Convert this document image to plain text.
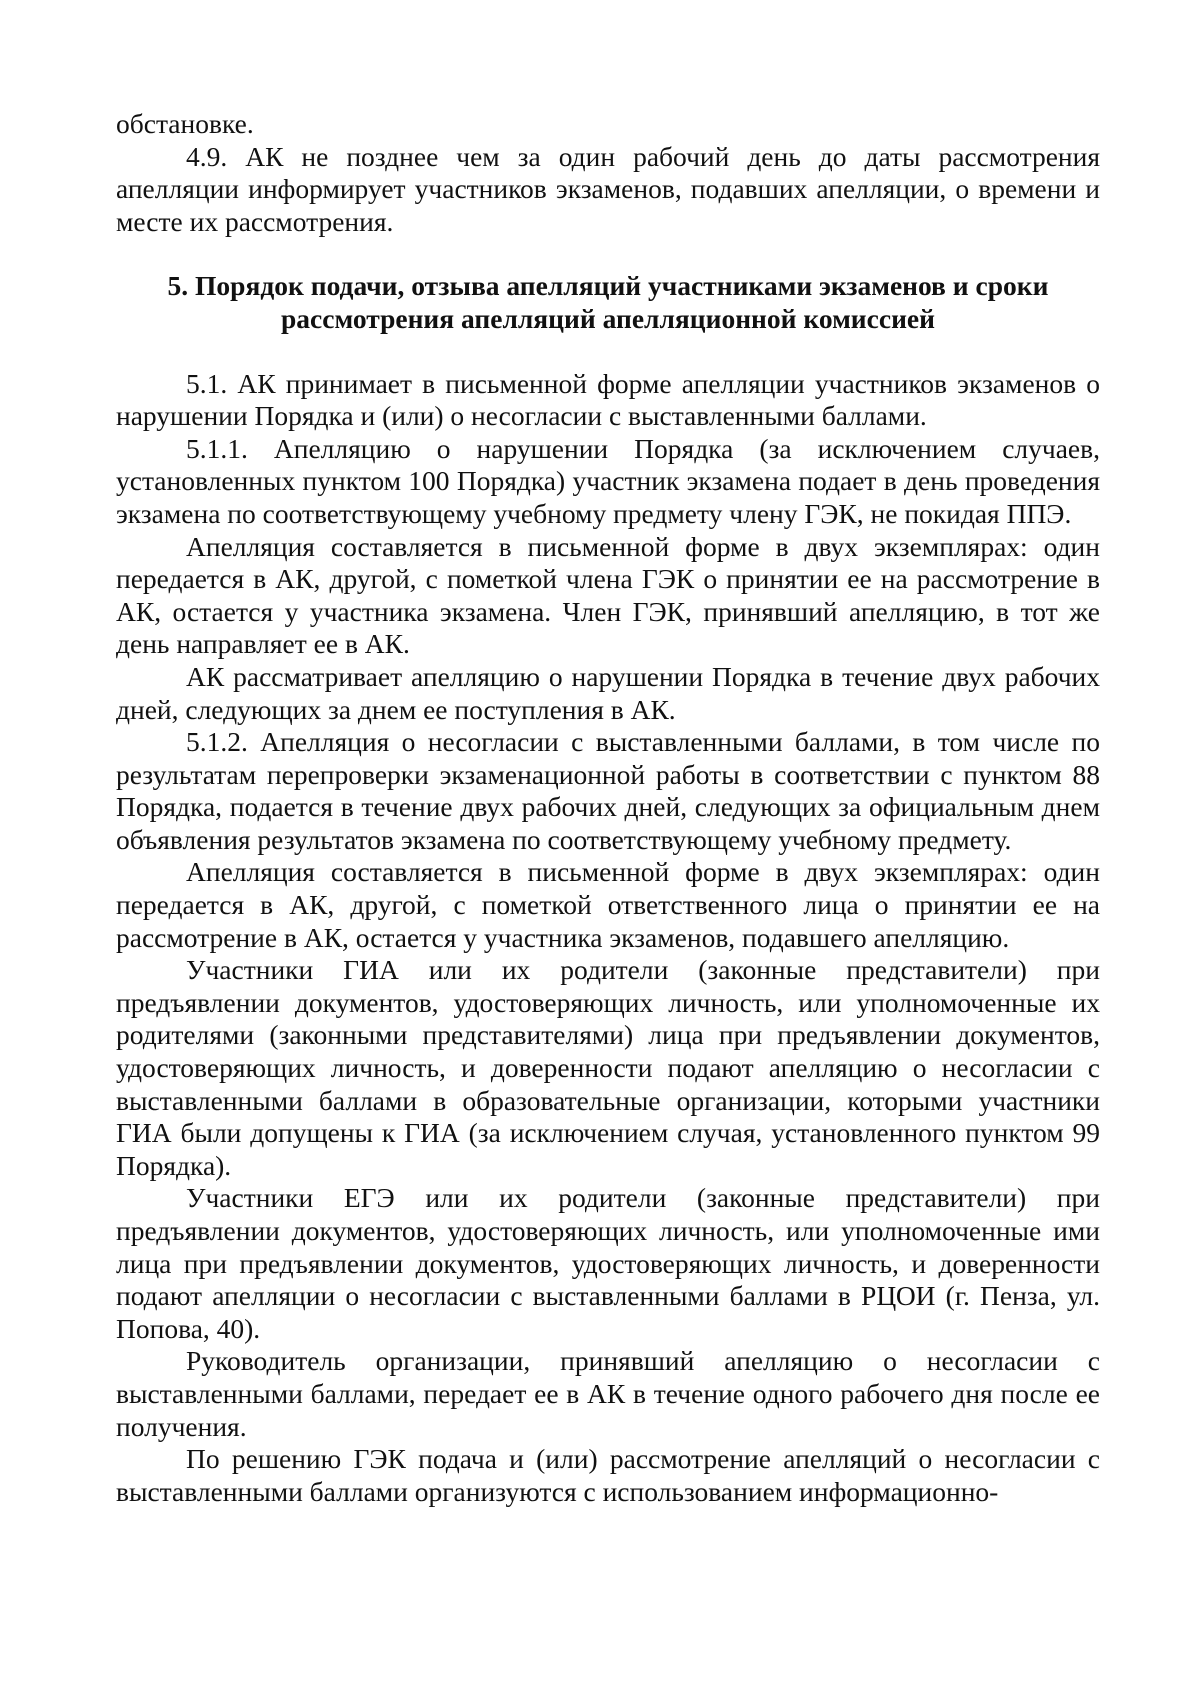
обстановке.

4.9. АК не позднее чем за один рабочий день до даты рассмотрения апелляции информирует участников экзаменов, подавших апелляции, о времени и месте их рассмотрения.

5. Порядок подачи, отзыва апелляций участниками экзаменов и сроки рассмотрения апелляций апелляционной комиссией

5.1. АК принимает в письменной форме апелляции участников экзаменов о нарушении Порядка и (или) о несогласии с выставленными баллами.

5.1.1. Апелляцию о нарушении Порядка (за исключением случаев, установленных пунктом 100 Порядка) участник экзамена подает в день проведения экзамена по соответствующему учебному предмету члену ГЭК, не покидая ППЭ.

Апелляция составляется в письменной форме в двух экземплярах: один передается в АК, другой, с пометкой члена ГЭК о принятии ее на рассмотрение в АК, остается у участника экзамена. Член ГЭК, принявший апелляцию, в тот же день направляет ее в АК.

АК рассматривает апелляцию о нарушении Порядка в течение двух рабочих дней, следующих за днем ее поступления в АК.

5.1.2. Апелляция о несогласии с выставленными баллами, в том числе по результатам перепроверки экзаменационной работы в соответствии с пунктом 88 Порядка, подается в течение двух рабочих дней, следующих за официальным днем объявления результатов экзамена по соответствующему учебному предмету.

Апелляция составляется в письменной форме в двух экземплярах: один передается в АК, другой, с пометкой ответственного лица о принятии ее на рассмотрение в АК, остается у участника экзаменов, подавшего апелляцию.

Участники ГИА или их родители (законные представители) при предъявлении документов, удостоверяющих личность, или уполномоченные их родителями (законными представителями) лица при предъявлении документов, удостоверяющих личность, и доверенности подают апелляцию о несогласии с выставленными баллами в образовательные организации, которыми участники ГИА были допущены к ГИА (за исключением случая, установленного пунктом 99 Порядка).

Участники ЕГЭ или их родители (законные представители) при предъявлении документов, удостоверяющих личность, или уполномоченные ими лица при предъявлении документов, удостоверяющих личность, и доверенности подают апелляции о несогласии с выставленными баллами в РЦОИ (г. Пенза, ул. Попова, 40).

Руководитель организации, принявший апелляцию о несогласии с выставленными баллами, передает ее в АК в течение одного рабочего дня после ее получения.

По решению ГЭК подача и (или) рассмотрение апелляций о несогласии с выставленными баллами организуются с использованием информационно-
